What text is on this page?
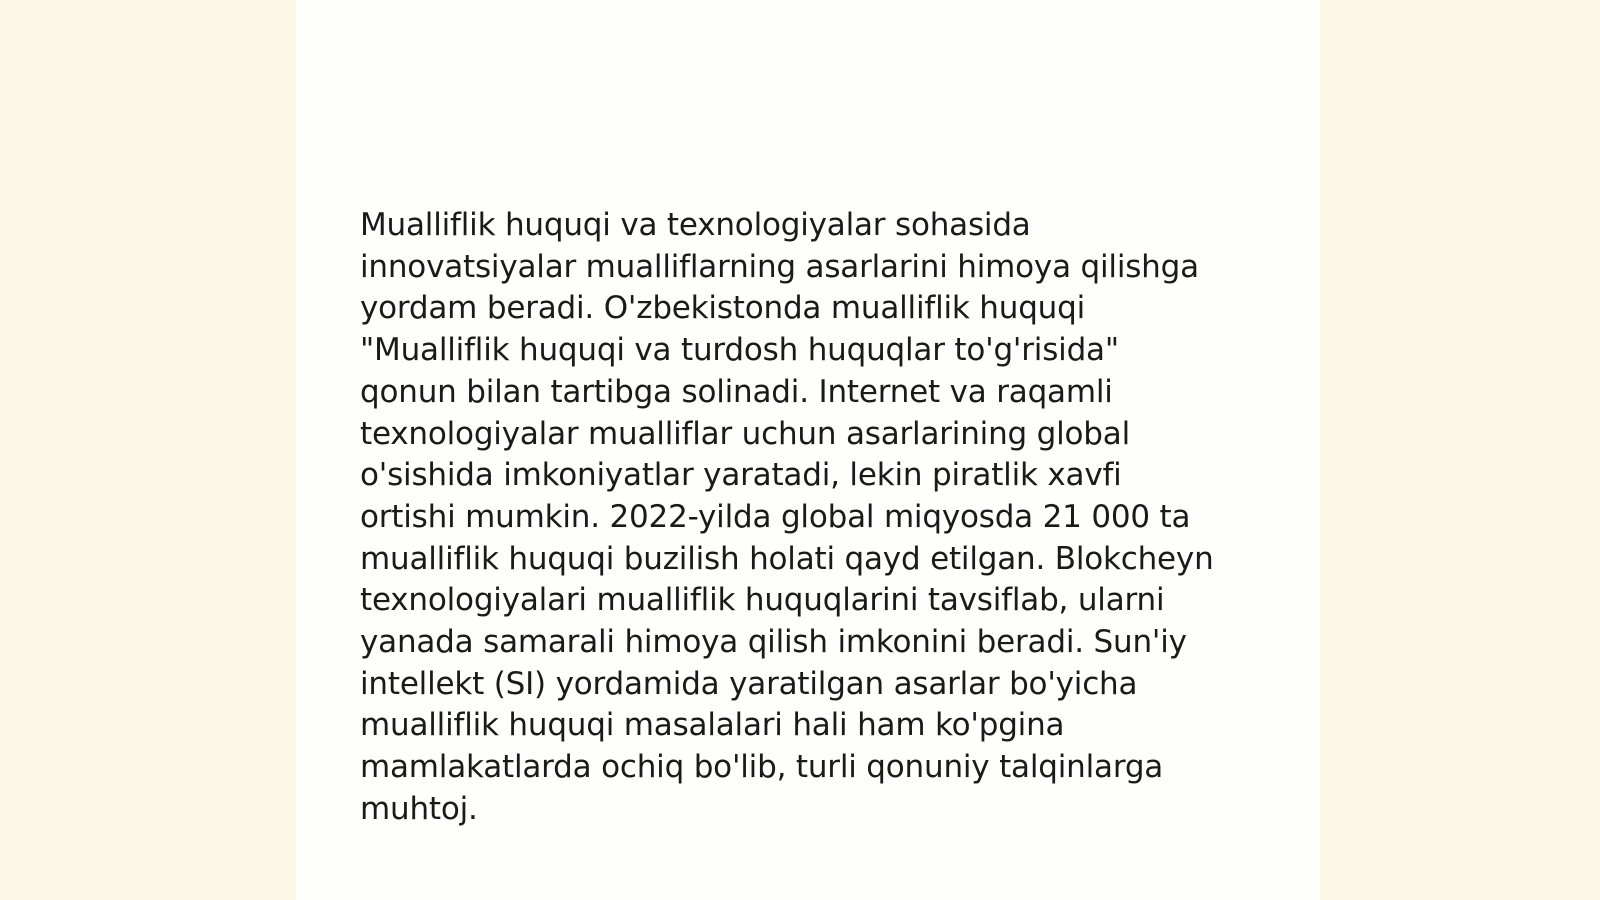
Mualliflik huquqi va texnologiyalar sohasida innovatsiyalar mualliflarning asarlarini himoya qilishga yordam beradi. O'zbekistonda mualliflik huquqi "Mualliflik huquqi va turdosh huquqlar to'g'risida" qonun bilan tartibga solinadi. Internet va raqamli texnologiyalar mualliflar uchun asarlarining global o'sishida imkoniyatlar yaratadi, lekin piratlik xavfi ortishi mumkin. 2022-yilda global miqyosda 21 000 ta mualliflik huquqi buzilish holati qayd etilgan. Blokcheyn texnologiyalari mualliflik huquqlarini tavsiflab, ularni yanada samarali himoya qilish imkonini beradi. Sun'iy intellekt (SI) yordamida yaratilgan asarlar bo'yicha mualliflik huquqi masalalari hali ham ko'pgina mamlakatlarda ochiq bo'lib, turli qonuniy talqinlarga muhtoj.
